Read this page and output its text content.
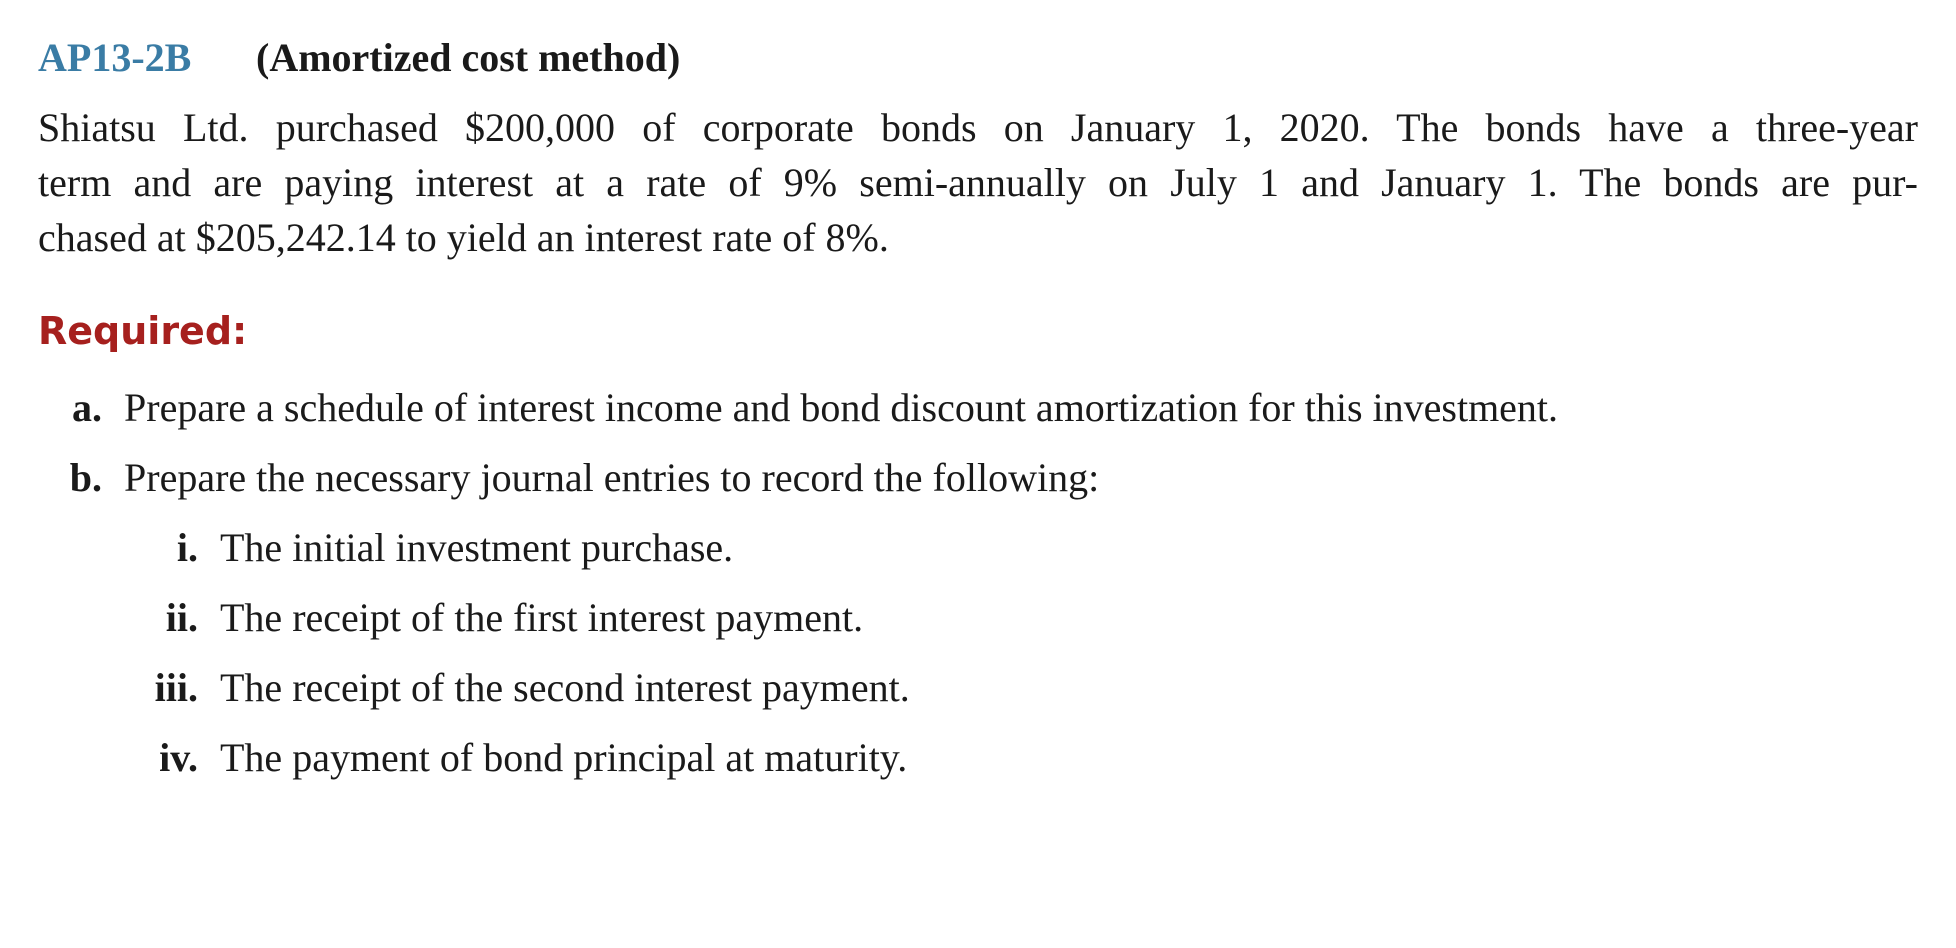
AP13-2B (Amortized cost method)
Shiatsu Ltd. purchased $200,000 of corporate bonds on January 1, 2020. The bonds have a three-year
term and are paying interest at a rate of 9% semi-annually on July 1 and January 1. The bonds are pur-
chased at $205,242.14 to yield an interest rate of 8%.
Required:
a. Prepare a schedule of interest income and bond discount amortization for this investment.
b. Prepare the necessary journal entries to record the following:
i. The initial investment purchase.
ii. The receipt of the first interest payment.
iii. The receipt of the second interest payment.
iv. The payment of bond principal at maturity.
